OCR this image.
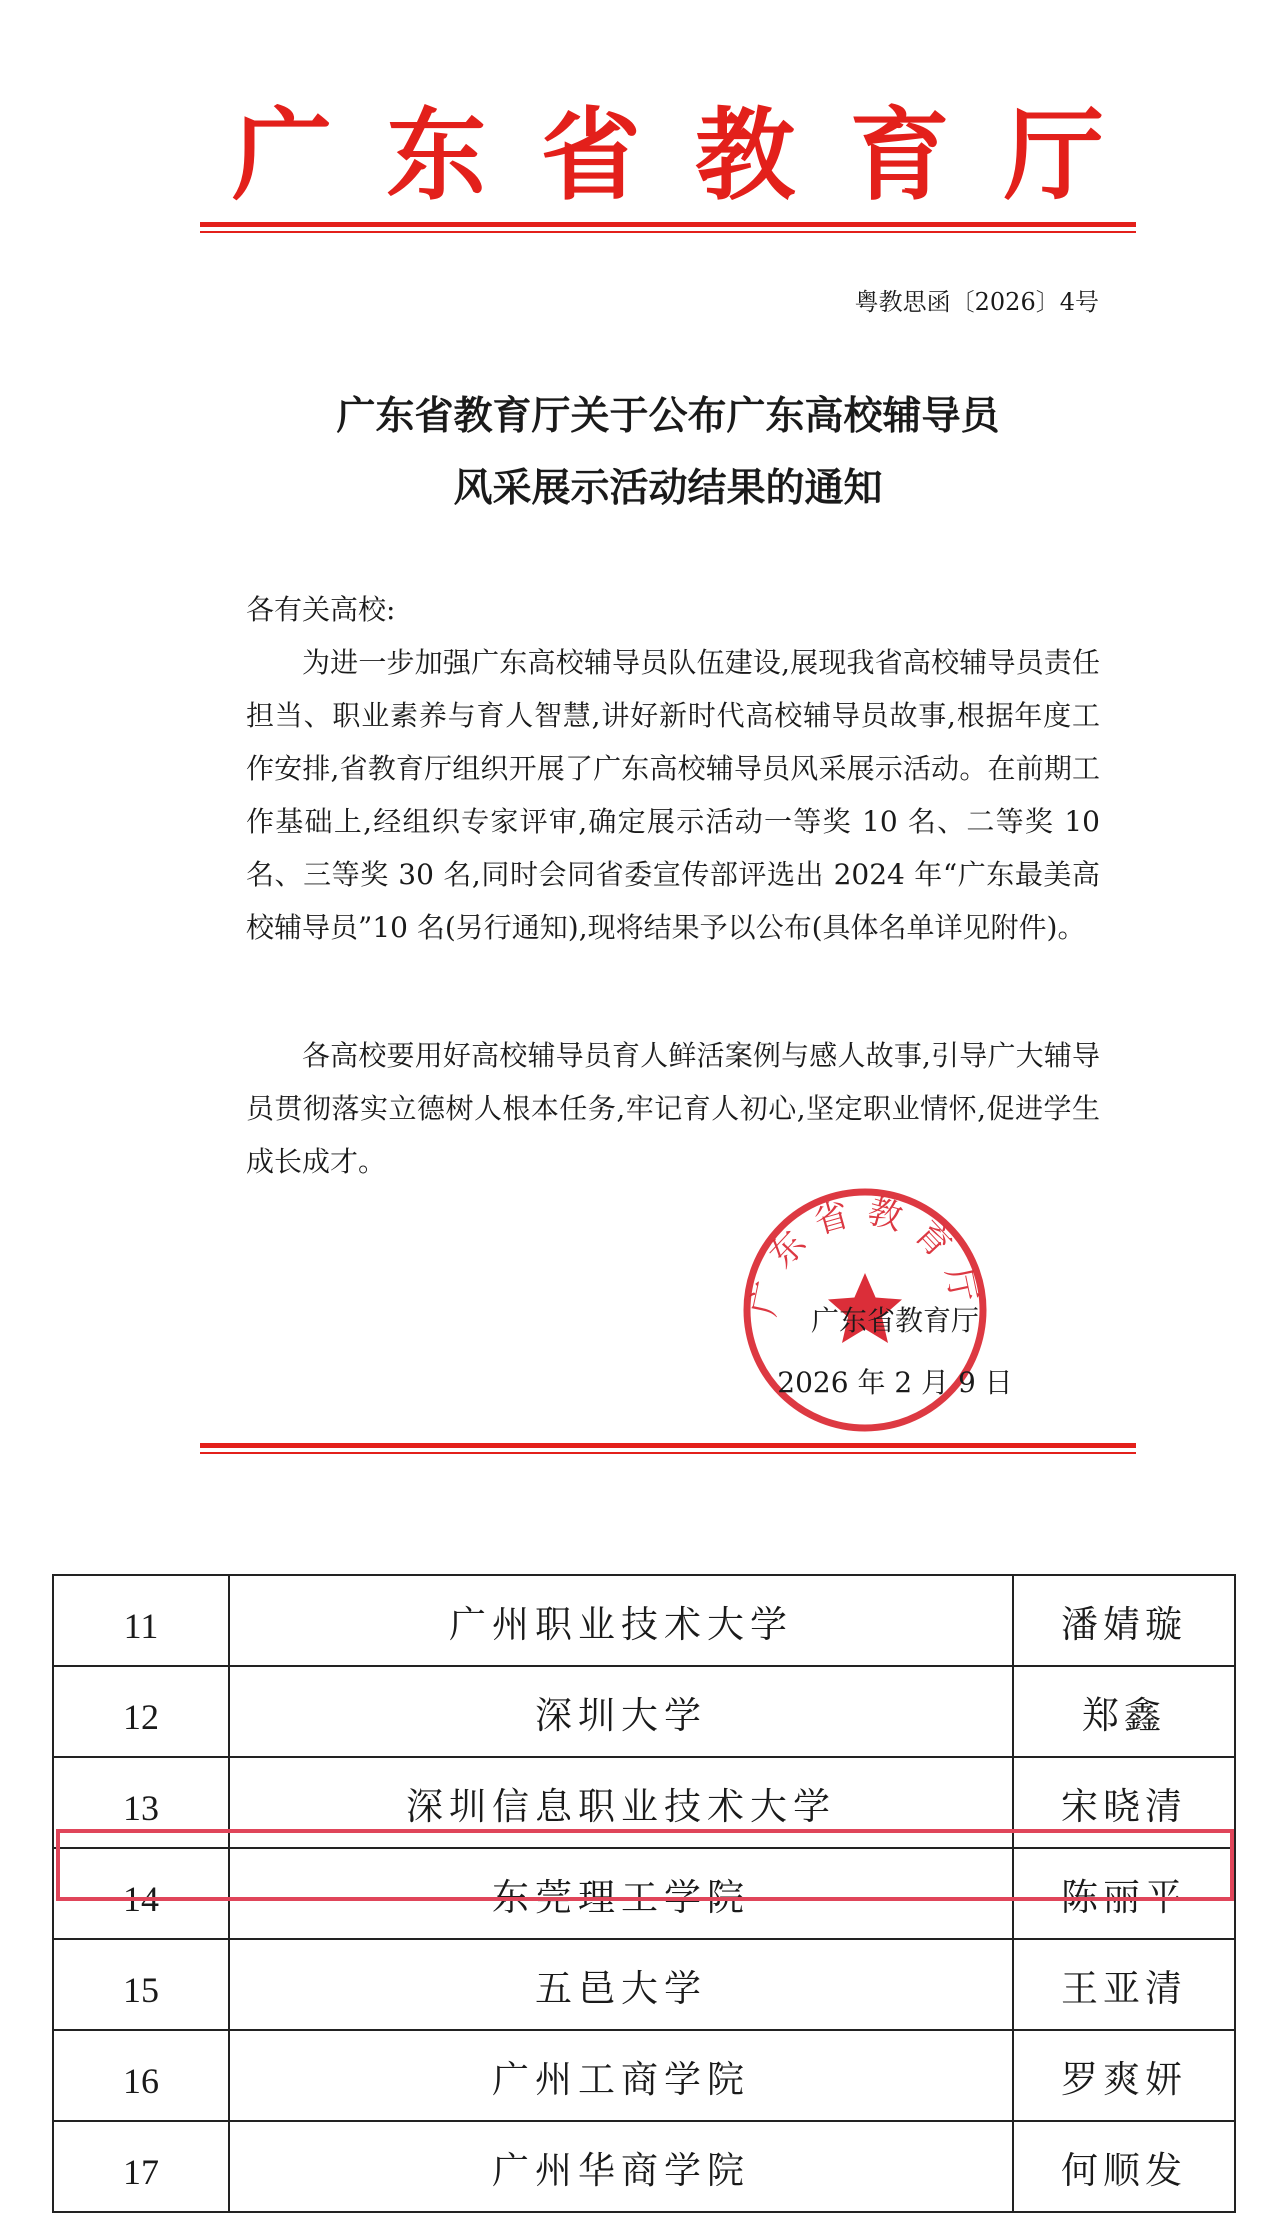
广 东 省 教 育 厅
粤教思函〔2026〕4号
广东省教育厅关于公布广东高校辅导员
风采展示活动结果的通知
各有关高校:
为进一步加强广东高校辅导员队伍建设,展现我省高校辅导员责任担当、职业素养与育人智慧,讲好新时代高校辅导员故事,根据年度工作安排,省教育厅组织开展了广东高校辅导员风采展示活动。在前期工作基础上,经组织专家评审,确定展示活动一等奖 10 名、二等奖 10 名、三等奖 30 名,同时会同省委宣传部评选出 2024 年“广东最美高校辅导员”10 名(另行通知),现将结果予以公布(具体名单详见附件)。
各高校要用好高校辅导员育人鲜活案例与感人故事,引导广大辅导员贯彻落实立德树人根本任务,牢记育人初心,坚定职业情怀,促进学生成长成才。
广东省教育厅
广东省教育厅
2026 年 2 月 9 日
11	广州职业技术大学	潘婧璇
12	深圳大学	郑鑫
13	深圳信息职业技术大学	宋晓清
14	东莞理工学院	陈丽平
15	五邑大学	王亚清
16	广州工商学院	罗爽妍
17	广州华商学院	何顺发
